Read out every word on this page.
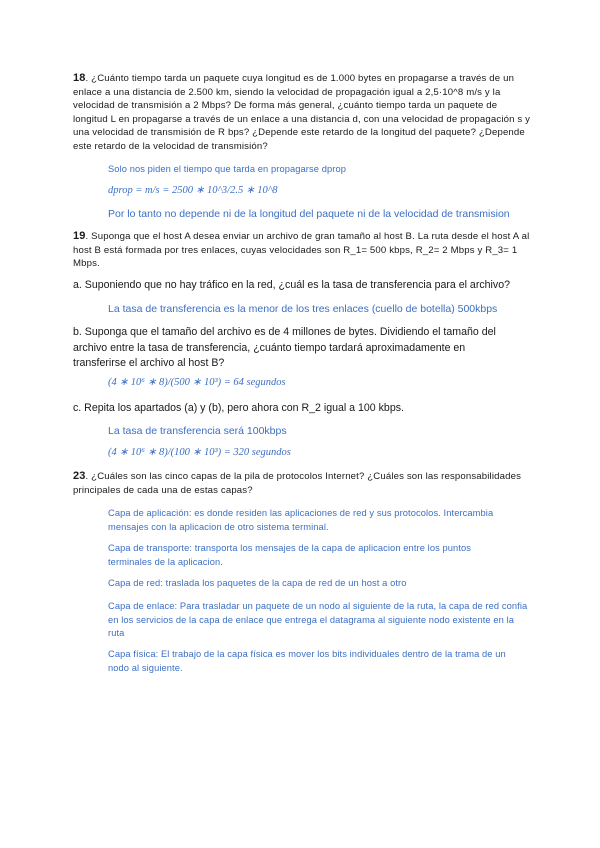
18. ¿Cuánto tiempo tarda un paquete cuya longitud es de 1.000 bytes en propagarse a través de un enlace a una distancia de 2.500 km, siendo la velocidad de propagación igual a 2,5·10^8 m/s y la velocidad de transmisión a 2 Mbps? De forma más general, ¿cuánto tiempo tarda un paquete de longitud L en propagarse a través de un enlace a una distancia d, con una velocidad de propagación s y una velocidad de transmisión de R bps? ¿Depende este retardo de la longitud del paquete? ¿Depende este retardo de la velocidad de transmisión?

Solo nos piden el tiempo que tarda en propagarse dprop

dprop = m/s = 2500 ∗ 10^3/2.5 ∗ 10^8

Por lo tanto no depende ni de la longitud del paquete ni de la velocidad de transmision

19. Suponga que el host A desea enviar un archivo de gran tamaño al host B. La ruta desde el host A al host B está formada por tres enlaces, cuyas velocidades son R_1= 500 kbps, R_2= 2 Mbps y R_3= 1 Mbps.

a. Suponiendo que no hay tráfico en la red, ¿cuál es la tasa de transferencia para el archivo?

La tasa de transferencia es la menor de los tres enlaces (cuello de botella) 500kbps

b. Suponga que el tamaño del archivo es de 4 millones de bytes. Dividiendo el tamaño del archivo entre la tasa de transferencia, ¿cuánto tiempo tardará aproximadamente en transferirse el archivo al host B?

(4 ∗ 10⁶ ∗ 8)/(500 ∗ 10³) = 64 segundos

c. Repita los apartados (a) y (b), pero ahora con R_2 igual a 100 kbps.

La tasa de transferencia será 100kbps

(4 ∗ 10⁶ ∗ 8)/(100 ∗ 10³) = 320 segundos

23. ¿Cuáles son las cinco capas de la pila de protocolos Internet? ¿Cuáles son las responsabilidades principales de cada una de estas capas?

Capa de aplicación: es donde residen las aplicaciones de red y sus protocolos. Intercambia mensajes con la aplicacion de otro sistema terminal.

Capa de transporte: transporta los mensajes de la capa de aplicacion entre los puntos terminales de la aplicacion.

Capa de red: traslada los paquetes de la capa de red de un host a otro

Capa de enlace: Para trasladar un paquete de un nodo al siguiente de la ruta, la capa de red confia en los servicios de la capa de enlace que entrega el datagrama al siguiente nodo existente en la ruta

Capa física: El trabajo de la capa física es mover los bits individuales dentro de la trama de un nodo al siguiente.
